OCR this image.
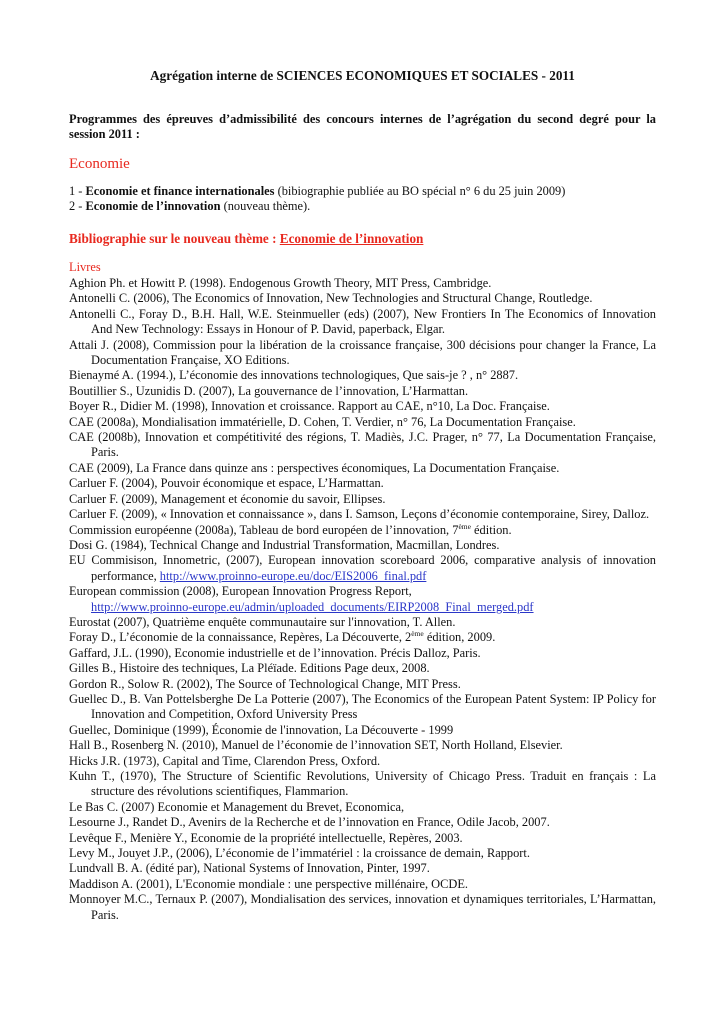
Agrégation interne de SCIENCES ECONOMIQUES ET SOCIALES - 2011

Programmes des épreuves d’admissibilité des concours internes de l’agrégation du second degré pour la session 2011 :

Economie

1 - Economie et finance internationales (bibiographie publiée au BO spécial n° 6 du 25 juin 2009)
2 - Economie de l’innovation (nouveau thème).

Bibliographie sur le nouveau thème : Economie de l’innovation

Livres

Aghion Ph. et Howitt P. (1998). Endogenous Growth Theory, MIT Press, Cambridge.
Antonelli C. (2006), The Economics of Innovation, New Technologies and Structural Change, Routledge.
Antonelli C., Foray D., B.H. Hall, W.E. Steinmueller (eds) (2007), New Frontiers In The Economics of Innovation And New Technology: Essays in Honour of P. David, paperback, Elgar.
Attali J. (2008), Commission pour la libération de la croissance française, 300 décisions pour changer la France, La Documentation Française, XO Editions.
Bienaymé A. (1994.), L’économie des innovations technologiques, Que sais-je ? , n° 2887.
Boutillier S., Uzunidis D. (2007), La gouvernance de l’innovation, L’Harmattan.
Boyer R., Didier M. (1998), Innovation et croissance. Rapport au CAE, n°10, La Doc. Française.
CAE (2008a), Mondialisation immatérielle, D. Cohen, T. Verdier, n° 76, La Documentation Française.
CAE (2008b), Innovation et compétitivité des régions, T. Madiès, J.C. Prager, n° 77, La Documentation Française, Paris.
CAE (2009), La France dans quinze ans : perspectives économiques, La Documentation Française.
Carluer F. (2004), Pouvoir économique et espace, L’Harmattan.
Carluer F. (2009), Management et économie du savoir, Ellipses.
Carluer F. (2009), « Innovation et connaissance », dans I. Samson, Leçons d’économie contemporaine, Sirey, Dalloz.
Commission européenne (2008a), Tableau de bord européen de l’innovation, 7ème édition.
Dosi G. (1984), Technical Change and Industrial Transformation, Macmillan, Londres.
EU Commisison, Innometric, (2007), European innovation scoreboard 2006, comparative analysis of innovation performance, http://www.proinno-europe.eu/doc/EIS2006_final.pdf
European commission (2008), European Innovation Progress Report,
http://www.proinno-europe.eu/admin/uploaded_documents/EIRP2008_Final_merged.pdf
Eurostat (2007), Quatrième enquête communautaire sur l'innovation, T. Allen.
Foray D., L’économie de la connaissance, Repères, La Découverte, 2ème édition, 2009.
Gaffard, J.L. (1990), Economie industrielle et de l’innovation. Précis Dalloz, Paris.
Gilles B., Histoire des techniques, La Pléïade. Editions Page deux, 2008.
Gordon R., Solow R. (2002), The Source of Technological Change, MIT Press.
Guellec D., B. Van Pottelsberghe De La Potterie (2007), The Economics of the European Patent System: IP Policy for Innovation and Competition, Oxford University Press
Guellec, Dominique (1999), Économie de l'innovation, La Découverte - 1999
Hall B., Rosenberg N. (2010), Manuel de l’économie de l’innovation SET, North Holland, Elsevier.
Hicks J.R. (1973), Capital and Time, Clarendon Press, Oxford.
Kuhn T., (1970), The Structure of Scientific Revolutions, University of Chicago Press. Traduit en français : La structure des révolutions scientifiques, Flammarion.
Le Bas C. (2007) Economie et Management du Brevet, Economica,
Lesourne J., Randet D., Avenirs de la Recherche et de l’innovation en France, Odile Jacob, 2007.
Levêque F., Menière Y., Economie de la propriété intellectuelle, Repères, 2003.
Levy M., Jouyet J.P., (2006), L’économie de l’immatériel : la croissance de demain, Rapport.
Lundvall B. A. (édité par), National Systems of Innovation, Pinter, 1997.
Maddison A. (2001), L'Economie mondiale : une perspective millénaire, OCDE.
Monnoyer M.C., Ternaux P. (2007), Mondialisation des services, innovation et dynamiques territoriales, L’Harmattan, Paris.
